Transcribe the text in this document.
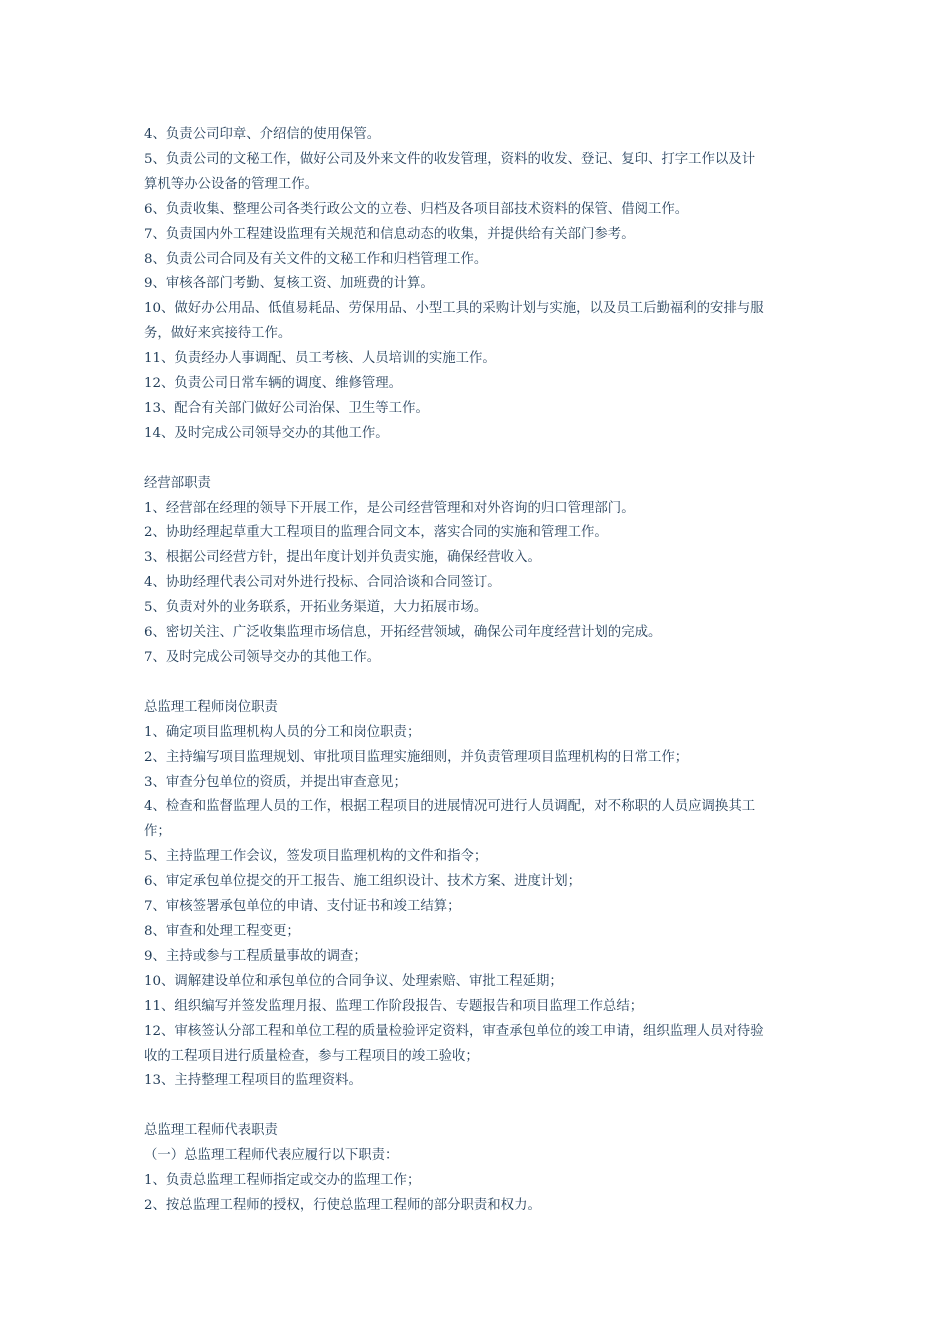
4、负责公司印章、介绍信的使用保管。
5、负责公司的文秘工作，做好公司及外来文件的收发管理，资料的收发、登记、复印、打字工作以及计
算机等办公设备的管理工作。
6、负责收集、整理公司各类行政公文的立卷、归档及各项目部技术资料的保管、借阅工作。
7、负责国内外工程建设监理有关规范和信息动态的收集，并提供给有关部门参考。
8、负责公司合同及有关文件的文秘工作和归档管理工作。
9、审核各部门考勤、复核工资、加班费的计算。
10、做好办公用品、低值易耗品、劳保用品、小型工具的采购计划与实施，以及员工后勤福利的安排与服
务，做好来宾接待工作。
11、负责经办人事调配、员工考核、人员培训的实施工作。
12、负责公司日常车辆的调度、维修管理。
13、配合有关部门做好公司治保、卫生等工作。
14、及时完成公司领导交办的其他工作。
经营部职责
1、经营部在经理的领导下开展工作，是公司经营管理和对外咨询的归口管理部门。
2、协助经理起草重大工程项目的监理合同文本，落实合同的实施和管理工作。
3、根据公司经营方针，提出年度计划并负责实施，确保经营收入。
4、协助经理代表公司对外进行投标、合同洽谈和合同签订。
5、负责对外的业务联系，开拓业务渠道，大力拓展市场。
6、密切关注、广泛收集监理市场信息，开拓经营领域，确保公司年度经营计划的完成。
7、及时完成公司领导交办的其他工作。
总监理工程师岗位职责
1、确定项目监理机构人员的分工和岗位职责；
2、主持编写项目监理规划、审批项目监理实施细则，并负责管理项目监理机构的日常工作；
3、审查分包单位的资质，并提出审查意见；
4、检查和监督监理人员的工作，根据工程项目的进展情况可进行人员调配，对不称职的人员应调换其工
作；
5、主持监理工作会议，签发项目监理机构的文件和指令；
6、审定承包单位提交的开工报告、施工组织设计、技术方案、进度计划；
7、审核签署承包单位的申请、支付证书和竣工结算；
8、审查和处理工程变更；
9、主持或参与工程质量事故的调查；
10、调解建设单位和承包单位的合同争议、处理索赔、审批工程延期；
11、组织编写并签发监理月报、监理工作阶段报告、专题报告和项目监理工作总结；
12、审核签认分部工程和单位工程的质量检验评定资料，审查承包单位的竣工申请，组织监理人员对待验
收的工程项目进行质量检查，参与工程项目的竣工验收；
13、主持整理工程项目的监理资料。
总监理工程师代表职责
（一）总监理工程师代表应履行以下职责：
1、负责总监理工程师指定或交办的监理工作；
2、按总监理工程师的授权，行使总监理工程师的部分职责和权力。
